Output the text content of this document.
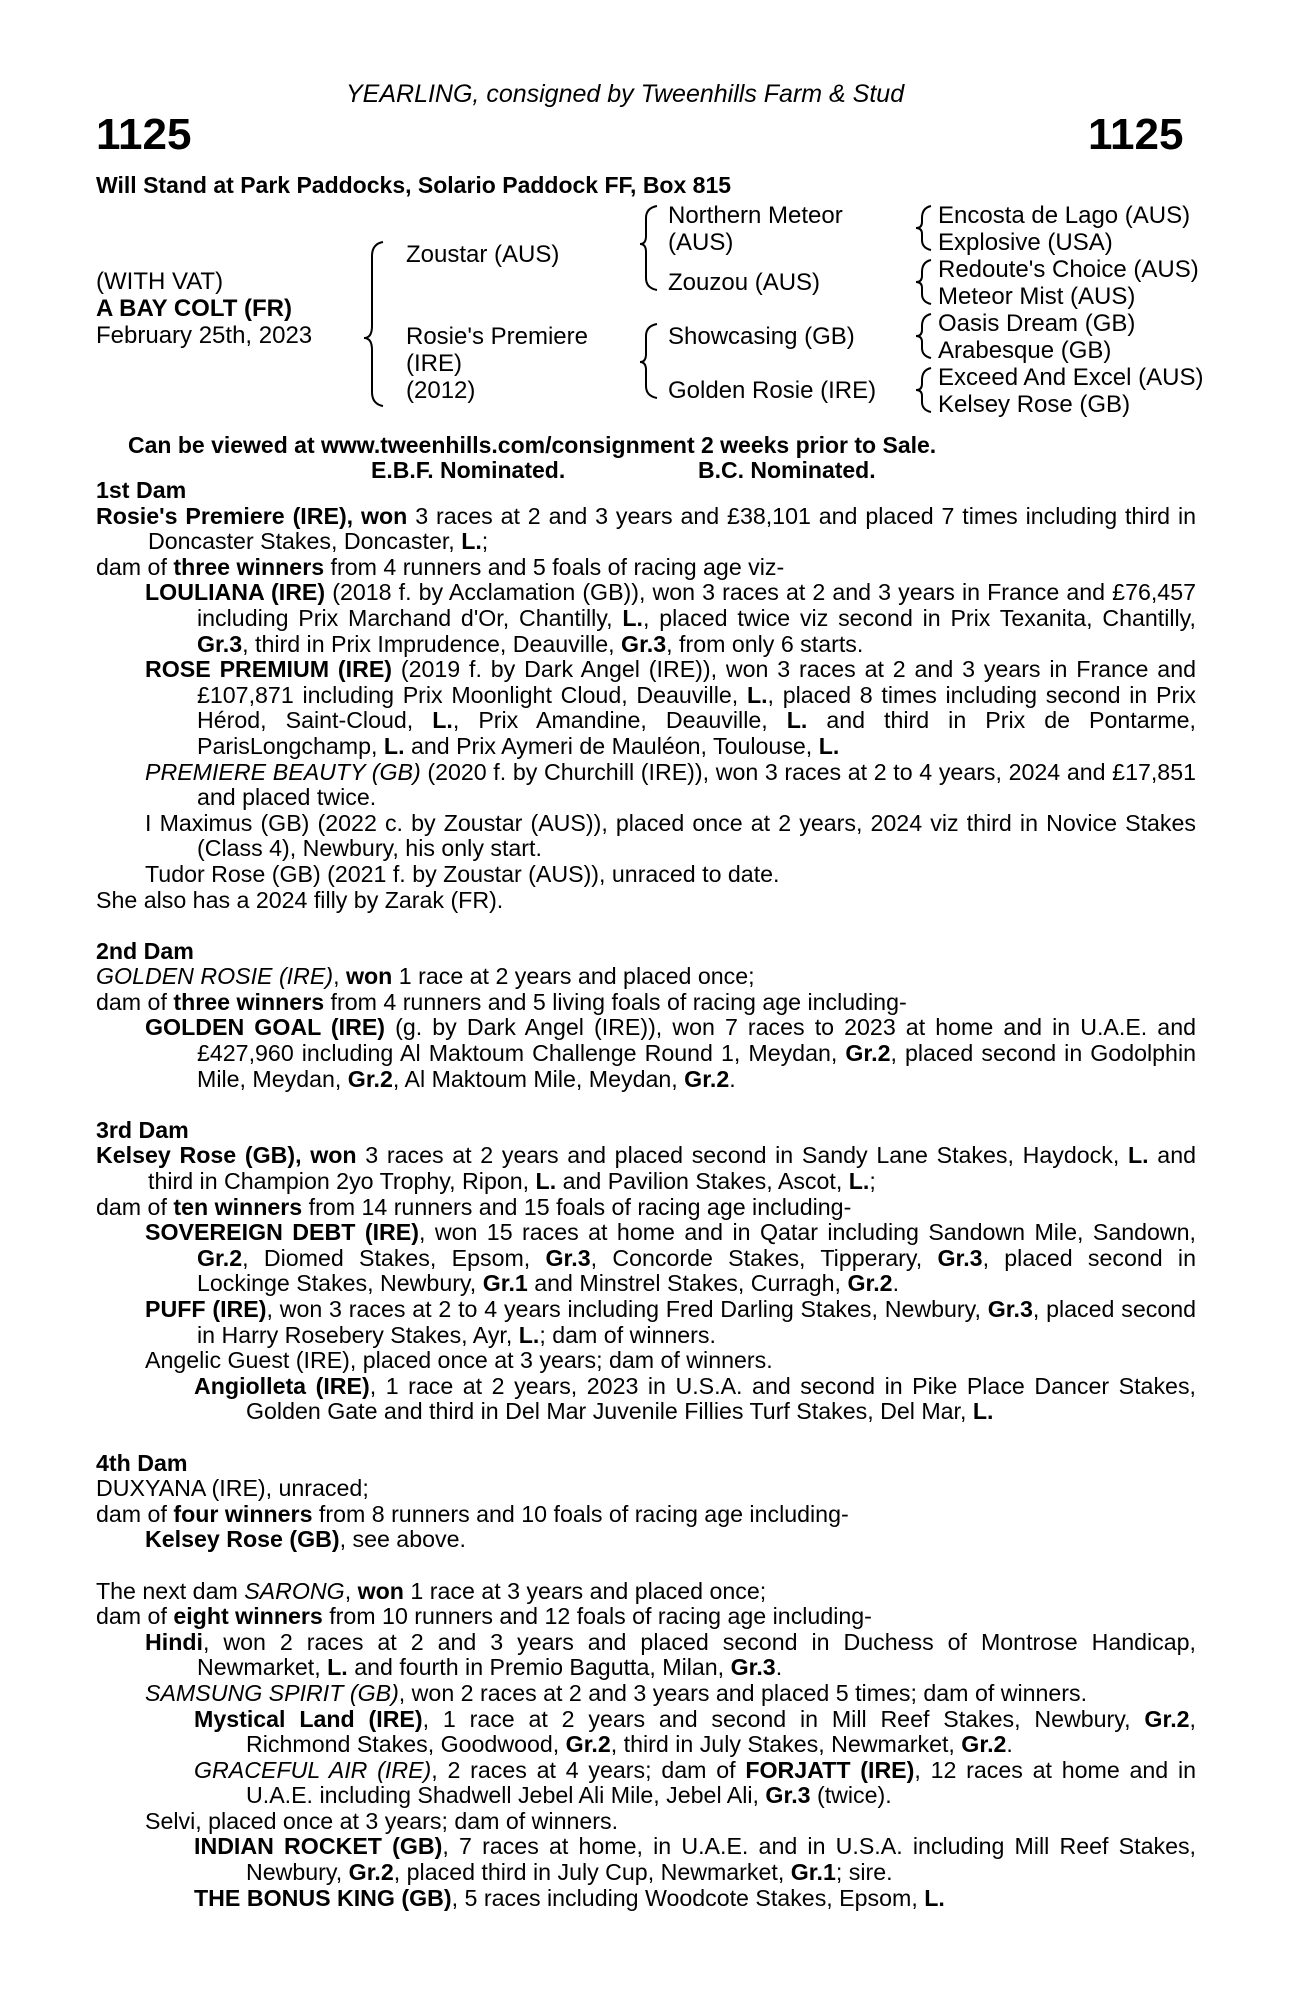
YEARLING, consigned by Tweenhills Farm & Stud
1125	1125
Will Stand at Park Paddocks, Solario Paddock FF, Box 815
(WITH VAT)
A BAY COLT (FR)
February 25th, 2023
Zoustar (AUS)
Rosie's Premiere
(IRE)
(2012)
Northern Meteor
(AUS)
Zouzou (AUS)
Showcasing (GB)
Golden Rosie (IRE)
Encosta de Lago (AUS)
Explosive (USA)
Redoute's Choice (AUS)
Meteor Mist (AUS)
Oasis Dream (GB)
Arabesque (GB)
Exceed And Excel (AUS)
Kelsey Rose (GB)
Can be viewed at www.tweenhills.com/consignment 2 weeks prior to Sale.
E.B.F. Nominated.	B.C. Nominated.

1st Dam

Rosie's Premiere (IRE), won 3 races at 2 and 3 years and £38,101 and placed 7 times including third in Doncaster Stakes, Doncaster, L.;

dam of three winners from 4 runners and 5 foals of racing age viz-

LOULIANA (IRE) (2018 f. by Acclamation (GB)), won 3 races at 2 and 3 years in France and £76,457 including Prix Marchand d'Or, Chantilly, L., placed twice viz second in Prix Texanita, Chantilly, Gr.3, third in Prix Imprudence, Deauville, Gr.3, from only 6 starts.

ROSE PREMIUM (IRE) (2019 f. by Dark Angel (IRE)), won 3 races at 2 and 3 years in France and £107,871 including Prix Moonlight Cloud, Deauville, L., placed 8 times including second in Prix Hérod, Saint-Cloud, L., Prix Amandine, Deauville, L. and third in Prix de Pontarme, ParisLongchamp, L. and Prix Aymeri de Mauléon, Toulouse, L.

PREMIERE BEAUTY (GB) (2020 f. by Churchill (IRE)), won 3 races at 2 to 4 years, 2024 and £17,851 and placed twice.

I Maximus (GB) (2022 c. by Zoustar (AUS)), placed once at 2 years, 2024 viz third in Novice Stakes (Class 4), Newbury, his only start.

Tudor Rose (GB) (2021 f. by Zoustar (AUS)), unraced to date.

She also has a 2024 filly by Zarak (FR).

2nd Dam

GOLDEN ROSIE (IRE), won 1 race at 2 years and placed once;

dam of three winners from 4 runners and 5 living foals of racing age including-

GOLDEN GOAL (IRE) (g. by Dark Angel (IRE)), won 7 races to 2023 at home and in U.A.E. and £427,960 including Al Maktoum Challenge Round 1, Meydan, Gr.2, placed second in Godolphin Mile, Meydan, Gr.2, Al Maktoum Mile, Meydan, Gr.2.

3rd Dam

Kelsey Rose (GB), won 3 races at 2 years and placed second in Sandy Lane Stakes, Haydock, L. and third in Champion 2yo Trophy, Ripon, L. and Pavilion Stakes, Ascot, L.;

dam of ten winners from 14 runners and 15 foals of racing age including-

SOVEREIGN DEBT (IRE), won 15 races at home and in Qatar including Sandown Mile, Sandown, Gr.2, Diomed Stakes, Epsom, Gr.3, Concorde Stakes, Tipperary, Gr.3, placed second in Lockinge Stakes, Newbury, Gr.1 and Minstrel Stakes, Curragh, Gr.2.

PUFF (IRE), won 3 races at 2 to 4 years including Fred Darling Stakes, Newbury, Gr.3, placed second in Harry Rosebery Stakes, Ayr, L.; dam of winners.

Angelic Guest (IRE), placed once at 3 years; dam of winners.

Angiolleta (IRE), 1 race at 2 years, 2023 in U.S.A. and second in Pike Place Dancer Stakes, Golden Gate and third in Del Mar Juvenile Fillies Turf Stakes, Del Mar, L.

4th Dam

DUXYANA (IRE), unraced;

dam of four winners from 8 runners and 10 foals of racing age including-

Kelsey Rose (GB), see above.

The next dam SARONG, won 1 race at 3 years and placed once;

dam of eight winners from 10 runners and 12 foals of racing age including-

Hindi, won 2 races at 2 and 3 years and placed second in Duchess of Montrose Handicap, Newmarket, L. and fourth in Premio Bagutta, Milan, Gr.3.

SAMSUNG SPIRIT (GB), won 2 races at 2 and 3 years and placed 5 times; dam of winners.

Mystical Land (IRE), 1 race at 2 years and second in Mill Reef Stakes, Newbury, Gr.2, Richmond Stakes, Goodwood, Gr.2, third in July Stakes, Newmarket, Gr.2.

GRACEFUL AIR (IRE), 2 races at 4 years; dam of FORJATT (IRE), 12 races at home and in U.A.E. including Shadwell Jebel Ali Mile, Jebel Ali, Gr.3 (twice).

Selvi, placed once at 3 years; dam of winners.

INDIAN ROCKET (GB), 7 races at home, in U.A.E. and in U.S.A. including Mill Reef Stakes, Newbury, Gr.2, placed third in July Cup, Newmarket, Gr.1; sire.

THE BONUS KING (GB), 5 races including Woodcote Stakes, Epsom, L.
